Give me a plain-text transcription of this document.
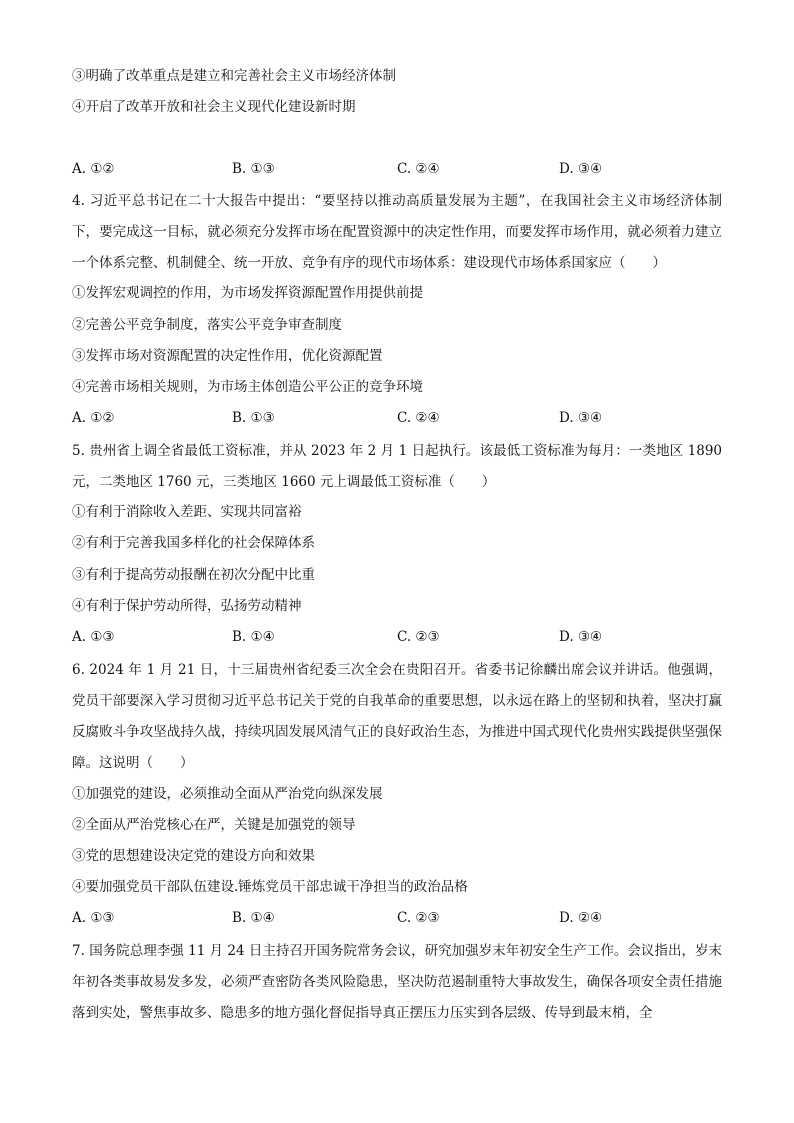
③明确了改革重点是建立和完善社会主义市场经济体制
④开启了改革开放和社会主义现代化建设新时期
A. ①②	B. ①③	C. ②④	D. ③④
4. 习近平总书记在二十大报告中提出：“要坚持以推动高质量发展为主题”，在我国社会主义市场经济体制下，要完成这一目标，就必须充分发挥市场在配置资源中的决定性作用，而要发挥市场作用，就必须着力建立一个体系完整、机制健全、统一开放、竞争有序的现代市场体系：建设现代市场体系国家应（　　）
①发挥宏观调控的作用，为市场发挥资源配置作用提供前提
②完善公平竞争制度，落实公平竞争审查制度
③发挥市场对资源配置的决定性作用，优化资源配置
④完善市场相关规则，为市场主体创造公平公正的竞争环境
A. ①②	B. ①③	C. ②④	D. ③④
5. 贵州省上调全省最低工资标准，并从 2023 年 2 月 1 日起执行。该最低工资标准为每月：一类地区 1890 元，二类地区 1760 元，三类地区 1660 元上调最低工资标准（　　）
①有利于消除收入差距、实现共同富裕
②有利于完善我国多样化的社会保障体系
③有利于提高劳动报酬在初次分配中比重
④有利于保护劳动所得，弘扬劳动精神
A. ①③	B. ①④	C. ②③	D. ③④
6. 2024 年 1 月 21 日，十三届贵州省纪委三次全会在贵阳召开。省委书记徐麟出席会议并讲话。他强调，党员干部要深入学习贯彻习近平总书记关于党的自我革命的重要思想，以永远在路上的坚韧和执着，坚决打赢反腐败斗争攻坚战持久战，持续巩固发展风清气正的良好政治生态，为推进中国式现代化贵州实践提供坚强保障。这说明（　　）
①加强党的建设，必须推动全面从严治党向纵深发展
②全面从严治党核心在严，关键是加强党的领导
③党的思想建设决定党的建设方向和效果
④要加强党员干部队伍建设.锤炼党员干部忠诚干净担当的政治品格
A. ①③	B. ①④	C. ②③	D. ②④
7. 国务院总理李强 11 月 24 日主持召开国务院常务会议，研究加强岁末年初安全生产工作。会议指出，岁末年初各类事故易发多发，必须严查密防各类风险隐患，坚决防范遏制重特大事故发生，确保各项安全责任措施落到实处，警焦事故多、隐患多的地方强化督促指导真正摆压力压实到各层级、传导到最末梢，全
